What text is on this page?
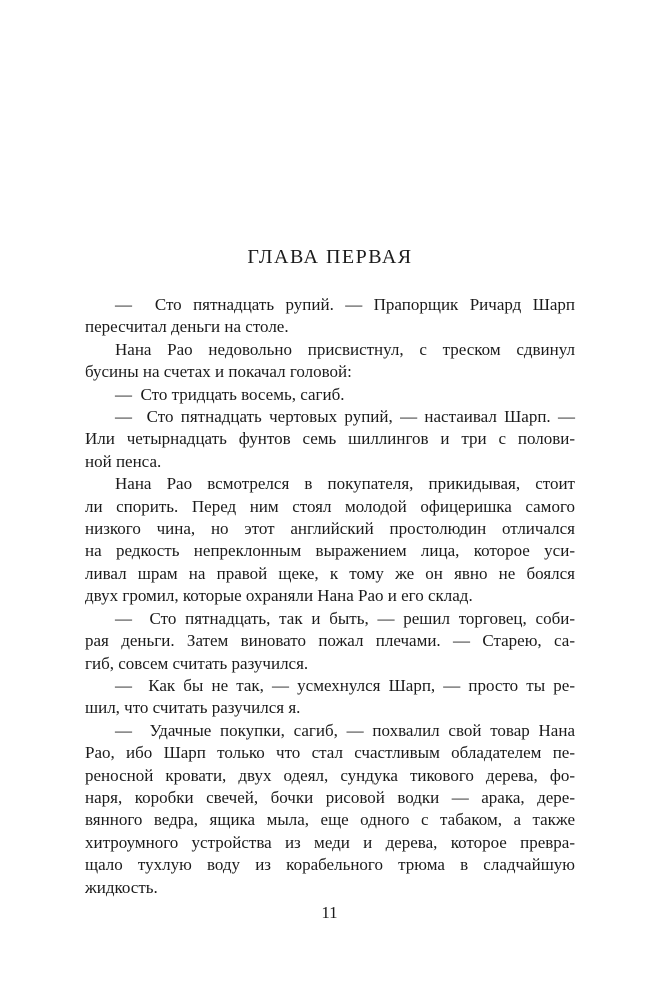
ГЛАВА ПЕРВАЯ

—  Сто пятнадцать рупий. — Прапорщик Ричард Шарп
пересчитал деньги на столе.

Нана Рао недовольно присвистнул, с треском сдвинул
бусины на счетах и покачал головой:

—  Сто тридцать восемь, сагиб.

—  Сто пятнадцать чертовых рупий, — настаивал Шарп. —
Или четырнадцать фунтов семь шиллингов и три с полови-
ной пенса.

Нана Рао всмотрелся в покупателя, прикидывая, стоит
ли спорить. Перед ним стоял молодой офицеришка самого
низкого чина, но этот английский простолюдин отличался
на редкость непреклонным выражением лица, которое уси-
ливал шрам на правой щеке, к тому же он явно не боялся
двух громил, которые охраняли Нана Рао и его склад.

—  Сто пятнадцать, так и быть, — решил торговец, соби-
рая деньги. Затем виновато пожал плечами. — Старею, са-
гиб, совсем считать разучился.

—  Как бы не так, — усмехнулся Шарп, — просто ты ре-
шил, что считать разучился я.

—  Удачные покупки, сагиб, — похвалил свой товар Нана
Рао, ибо Шарп только что стал счастливым обладателем пе-
реносной кровати, двух одеял, сундука тикового дерева, фо-
наря, коробки свечей, бочки рисовой водки — арака, дере-
вянного ведра, ящика мыла, еще одного с табаком, а также
хитроумного устройства из меди и дерева, которое превра-
щало тухлую воду из корабельного трюма в сладчайшую
жидкость.

11
